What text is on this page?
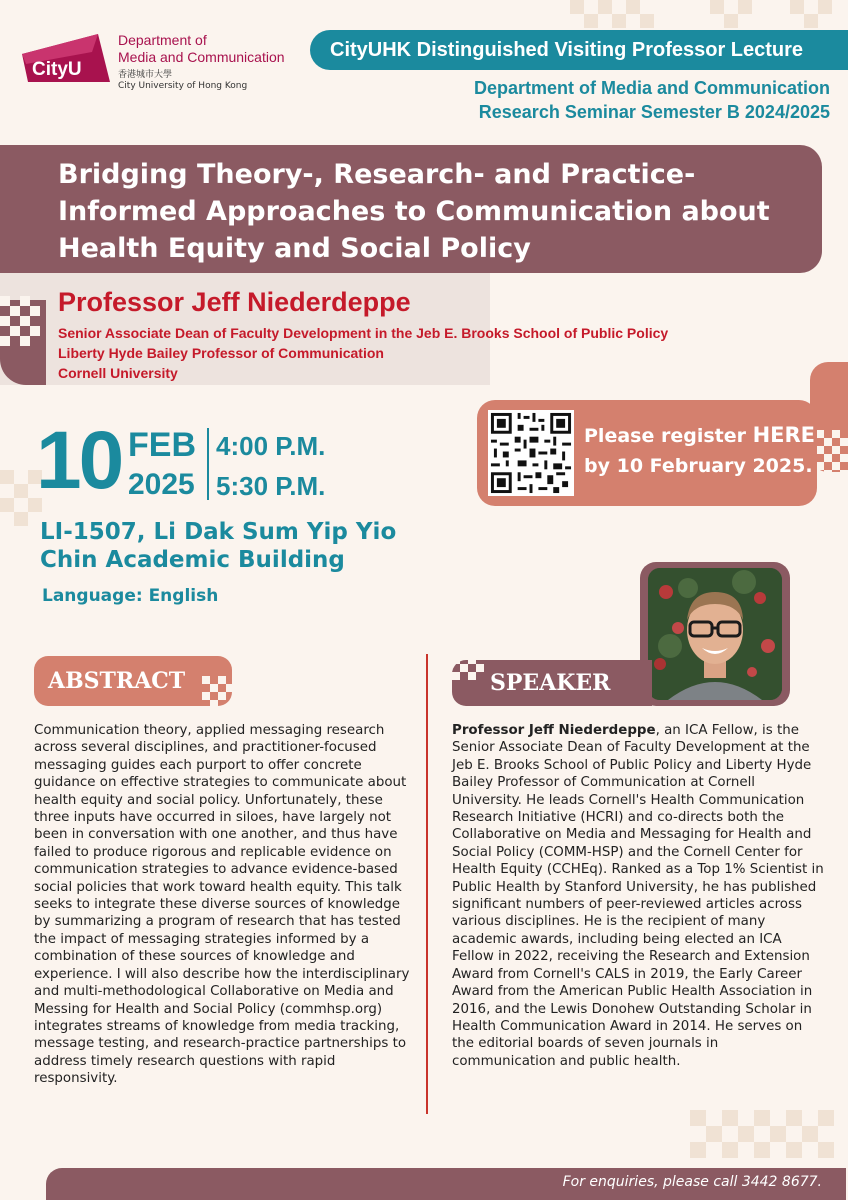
CityU
Department of
Media and Communication
香港城市大學
City University of Hong Kong
CityUHK Distinguished Visiting Professor Lecture
Department of Media and Communication
Research Seminar Semester B 2024/2025
Bridging Theory-, Research- and Practice-Informed Approaches to Communication about Health Equity and Social Policy
Professor Jeff Niederdeppe
Senior Associate Dean of Faculty Development in the Jeb E. Brooks School of Public Policy
Liberty Hyde Bailey Professor of Communication
Cornell University
10 FEB
2025
4:00 P.M.
5:30 P.M.
LI-1507, Li Dak Sum Yip Yio Chin Academic Building
Language: English
Please register HERE
by 10 February 2025.
ABSTRACT	SPEAKER
Communication theory, applied messaging research across several disciplines, and practitioner-focused messaging guides each purport to offer concrete guidance on effective strategies to communicate about health equity and social policy. Unfortunately, these three inputs have occurred in siloes, have largely not been in conversation with one another, and thus have failed to produce rigorous and replicable evidence on communication strategies to advance evidence-based social policies that work toward health equity. This talk seeks to integrate these diverse sources of knowledge by summarizing a program of research that has tested the impact of messaging strategies informed by a combination of these sources of knowledge and experience. I will also describe how the interdisciplinary and multi-methodological Collaborative on Media and Messing for Health and Social Policy (commhsp.org) integrates streams of knowledge from media tracking, message testing, and research-practice partnerships to address timely research questions with rapid responsivity.
Professor Jeff Niederdeppe, an ICA Fellow, is the Senior Associate Dean of Faculty Development at the Jeb E. Brooks School of Public Policy and Liberty Hyde Bailey Professor of Communication at Cornell University. He leads Cornell's Health Communication Research Initiative (HCRI) and co-directs both the Collaborative on Media and Messaging for Health and Social Policy (COMM-HSP) and the Cornell Center for Health Equity (CCHEq). Ranked as a Top 1% Scientist in Public Health by Stanford University, he has published significant numbers of peer-reviewed articles across various disciplines. He is the recipient of many academic awards, including being elected an ICA Fellow in 2022, receiving the Research and Extension Award from Cornell's CALS in 2019, the Early Career Award from the American Public Health Association in 2016, and the Lewis Donohew Outstanding Scholar in Health Communication Award in 2014. He serves on the editorial boards of seven journals in communication and public health.
For enquiries, please call 3442 8677.
